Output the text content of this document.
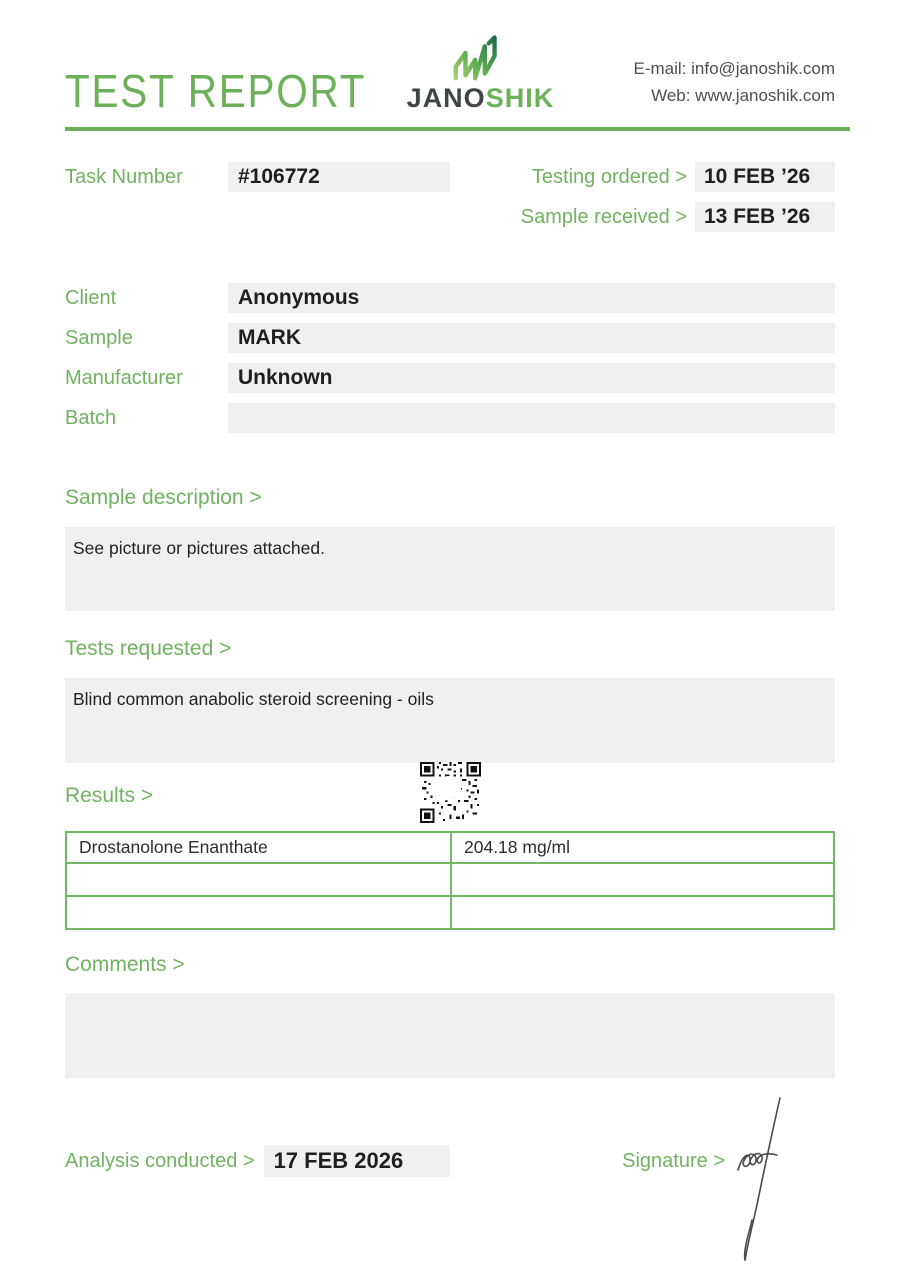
TEST REPORT JANOSHIK
E-mail: info@janoshik.com
Web: www.janoshik.com
Task Number	#106772	Testing ordered > 10 FEB ’26
Sample received > 13 FEB ’26
Client	Anonymous
Sample	MARK
Manufacturer	Unknown
Batch
Sample description >
See picture or pictures attached.
Tests requested >
Blind common anabolic steroid screening - oils
Results >
Drostanolone Enanthate	204.18 mg/ml

Comments >
Analysis conducted > 17 FEB 2026	Signature >
